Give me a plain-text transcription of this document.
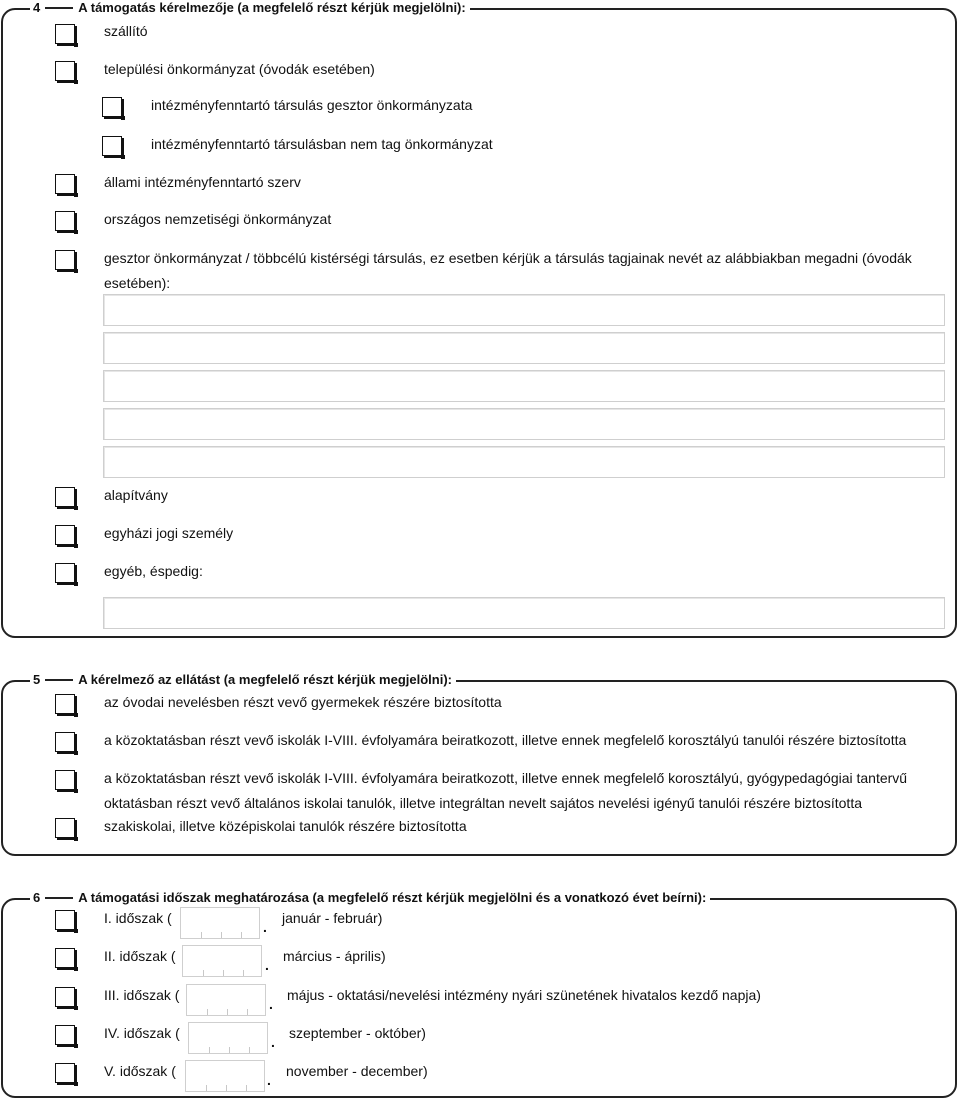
4	A támogatás kérelmezője (a megfelelő részt kérjük megjelölni):
szállító
települési önkormányzat (óvodák esetében)
intézményfenntartó társulás gesztor önkormányzata
intézményfenntartó társulásban nem tag önkormányzat
állami intézményfenntartó szerv
országos nemzetiségi önkormányzat
gesztor önkormányzat / többcélú kistérségi társulás, ez esetben kérjük a társulás tagjainak nevét az alábbiakban megadni (óvodák
esetében):
alapítvány
egyházi jogi személy
egyéb, éspedig:
5	A kérelmező az ellátást (a megfelelő részt kérjük megjelölni):
az óvodai nevelésben részt vevő gyermekek részére biztosította
a közoktatásban részt vevő iskolák I-VIII. évfolyamára beiratkozott, illetve ennek megfelelő korosztályú tanulói részére biztosította
a közoktatásban részt vevő iskolák I-VIII. évfolyamára beiratkozott, illetve ennek megfelelő korosztályú, gyógypedagógiai tantervű
oktatásban részt vevő általános iskolai tanulók, illetve integráltan nevelt sajátos nevelési igényű tanulói részére biztosította
szakiskolai, illetve középiskolai tanulók részére biztosította
6	A támogatási időszak meghatározása (a megfelelő részt kérjük megjelölni és a vonatkozó évet beírni):
I. időszak (
.
január - február)
II. időszak (
.
március - április)
III. időszak (
.
május - oktatási/nevelési intézmény nyári szünetének hivatalos kezdő napja)
IV. időszak (
.
szeptember - október)
V. időszak (
.
november - december)
